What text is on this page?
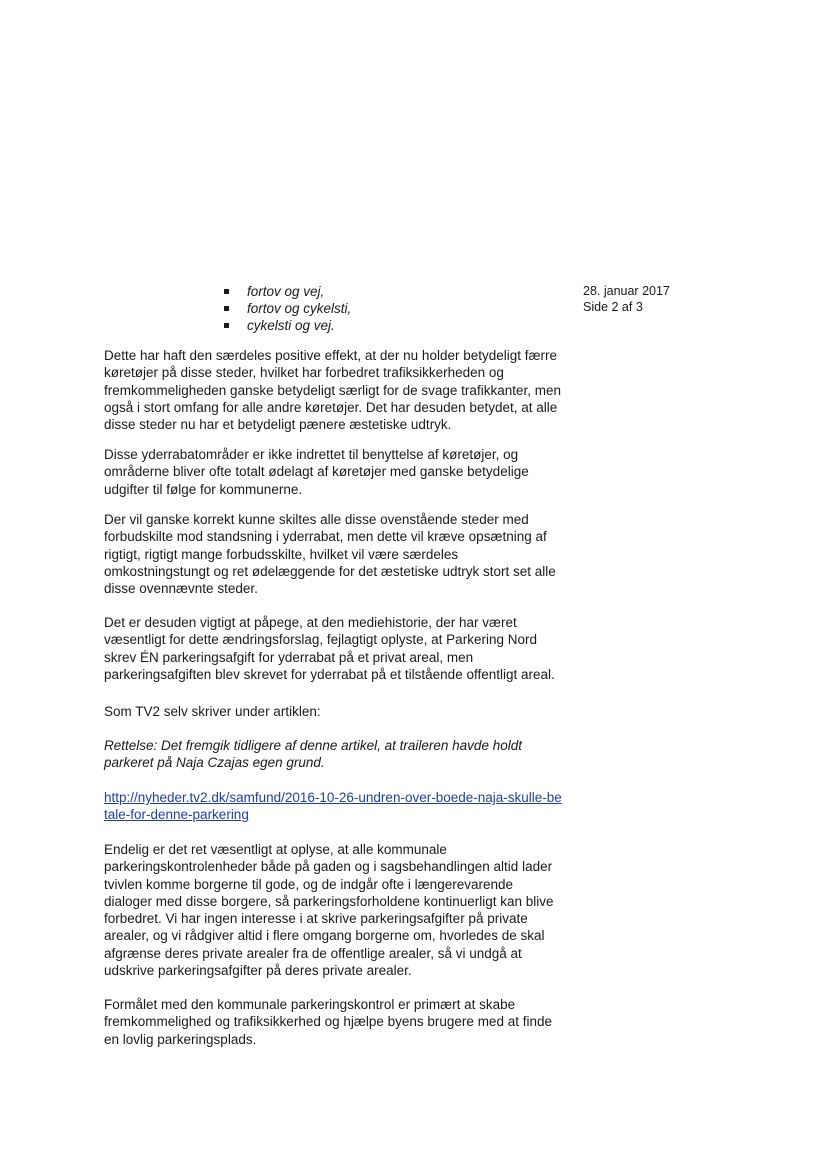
28. januar 2017
Side 2 af 3
fortov og vej,
fortov og cykelsti,
cykelsti og vej.

Dette har haft den særdeles positive effekt, at der nu holder betydeligt færre køretøjer på disse steder, hvilket har forbedret trafiksikkerheden og fremkommeligheden ganske betydeligt særligt for de svage trafikkanter, men også i stort omfang for alle andre køretøjer. Det har desuden betydet, at alle disse steder nu har et betydeligt pænere æstetiske udtryk.

Disse yderrabatområder er ikke indrettet til benyttelse af køretøjer, og områderne bliver ofte totalt ødelagt af køretøjer med ganske betydelige udgifter til følge for kommunerne.

Der vil ganske korrekt kunne skiltes alle disse ovenstående steder med forbudskilte mod standsning i yderrabat, men dette vil kræve opsætning af rigtigt, rigtigt mange forbudsskilte, hvilket vil være særdeles omkostningstungt og ret ødelæggende for det æstetiske udtryk stort set alle disse ovennævnte steder.

Det er desuden vigtigt at påpege, at den mediehistorie, der har været væsentligt for dette ændringsforslag, fejlagtigt oplyste, at Parkering Nord skrev ÉN parkeringsafgift for yderrabat på et privat areal, men parkeringsafgiften blev skrevet for yderrabat på et tilstående offentligt areal.

Som TV2 selv skriver under artiklen:

Rettelse: Det fremgik tidligere af denne artikel, at traileren havde holdt parkeret på Naja Czajas egen grund.

http://nyheder.tv2.dk/samfund/2016-10-26-undren-over-boede-naja-skulle-betale-for-denne-parkering

Endelig er det ret væsentligt at oplyse, at alle kommunale parkeringskontrolenheder både på gaden og i sagsbehandlingen altid lader tvivlen komme borgerne til gode, og de indgår ofte i længerevarende dialoger med disse borgere, så parkeringsforholdene kontinuerligt kan blive forbedret. Vi har ingen interesse i at skrive parkeringsafgifter på private arealer, og vi rådgiver altid i flere omgang borgerne om, hvorledes de skal afgrænse deres private arealer fra de offentlige arealer, så vi undgå at udskrive parkeringsafgifter på deres private arealer.

Formålet med den kommunale parkeringskontrol er primært at skabe fremkommelighed og trafiksikkerhed og hjælpe byens brugere med at finde en lovlig parkeringsplads.
